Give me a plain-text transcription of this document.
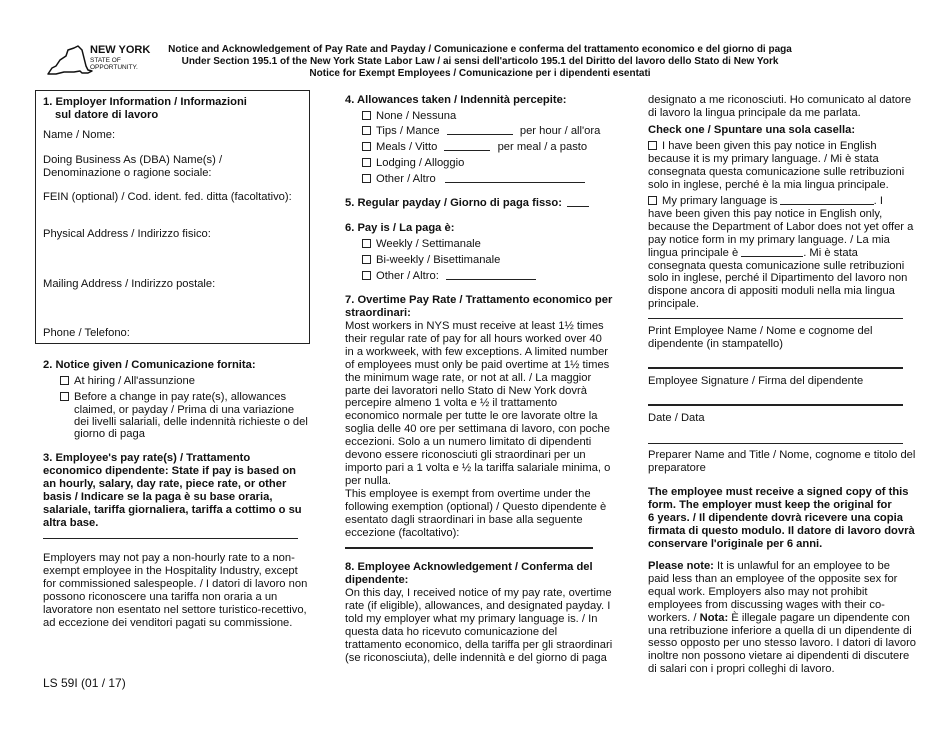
NEW YORK
STATE OF
OPPORTUNITY.
Notice and Acknowledgement of Pay Rate and Payday / Comunicazione e conferma del trattamento economico e del giorno di paga
Under Section 195.1 of the New York State Labor Law / ai sensi dell'articolo 195.1 del Diritto del lavoro dello Stato di New York
Notice for Exempt Employees / Comunicazione per i dipendenti esentati
1. Employer Information / Informazioni
sul datore di lavoro
Name / Nome:
Doing Business As (DBA) Name(s) /
Denominazione o ragione sociale:
FEIN (optional) / Cod. ident. fed. ditta (facoltativo):
Physical Address / Indirizzo fisico:
Mailing Address / Indirizzo postale:
Phone / Telefono:
2. Notice given / Comunicazione fornita:
At hiring / All'assunzione
Before a change in pay rate(s), allowances
claimed, or payday / Prima di una variazione
dei livelli salariali, delle indennità richieste o del
giorno di paga
3. Employee's pay rate(s) / Trattamento
economico dipendente: State if pay is based on
an hourly, salary, day rate, piece rate, or other
basis / Indicare se la paga è su base oraria,
salariale, tariffa giornaliera, tariffa a cottimo o su
altra base.
Employers may not pay a non-hourly rate to a non-
exempt employee in the Hospitality Industry, except
for commissioned salespeople. / I datori di lavoro non
possono riconoscere una tariffa non oraria a un
lavoratore non esentato nel settore turistico-recettivo,
ad eccezione dei venditori pagati su commissione.
LS 59I (01 / 17)
4. Allowances taken / Indennità percepite:
None / Nessuna
Tips / Mance	per hour / all'ora
Meals / Vitto	per meal / a pasto
Lodging / Alloggio
Other / Altro
5. Regular payday / Giorno di paga fisso:
6. Pay is / La paga è:
Weekly / Settimanale
Bi-weekly / Bisettimanale
Other / Altro:
7. Overtime Pay Rate / Trattamento economico per
straordinari:
Most workers in NYS must receive at least 1½ times
their regular rate of pay for all hours worked over 40
in a workweek, with few exceptions. A limited number
of employees must only be paid overtime at 1½ times
the minimum wage rate, or not at all. / La maggior
parte dei lavoratori nello Stato di New York dovrà
percepire almeno 1 volta e ½ il trattamento
economico normale per tutte le ore lavorate oltre la
soglia delle 40 ore per settimana di lavoro, con poche
eccezioni. Solo a un numero limitato di dipendenti
devono essere riconosciuti gli straordinari per un
importo pari a 1 volta e ½ la tariffa salariale minima, o
per nulla.
This employee is exempt from overtime under the
following exemption (optional) / Questo dipendente è
esentato dagli straordinari in base alla seguente
eccezione (facoltativo):
8. Employee Acknowledgement / Conferma del
dipendente:
On this day, I received notice of my pay rate, overtime
rate (if eligible), allowances, and designated payday. I
told my employer what my primary language is. / In
questa data ho ricevuto comunicazione del
trattamento economico, della tariffa per gli straordinari
(se riconosciuta), delle indennità e del giorno di paga
designato a me riconosciuti. Ho comunicato al datore
di lavoro la lingua principale da me parlata.
Check one / Spuntare una sola casella:
I have been given this pay notice in English
because it is my primary language. / Mi è stata
consegnata questa comunicazione sulle retribuzioni
solo in inglese, perché è la mia lingua principale.
My primary language is	. I
have been given this pay notice in English only,
because the Department of Labor does not yet offer a
pay notice form in my primary language. / La mia
lingua principale è	. Mi è stata
consegnata questa comunicazione sulle retribuzioni
solo in inglese, perché il Dipartimento del lavoro non
dispone ancora di appositi moduli nella mia lingua
principale.
Print Employee Name / Nome e cognome del
dipendente (in stampatello)
Employee Signature / Firma del dipendente
Date / Data
Preparer Name and Title / Nome, cognome e titolo del
preparatore
The employee must receive a signed copy of this
form. The employer must keep the original for
6 years. / Il dipendente dovrà ricevere una copia
firmata di questo modulo. Il datore di lavoro dovrà
conservare l'originale per 6 anni.
Please note: It is unlawful for an employee to be
paid less than an employee of the opposite sex for
equal work. Employers also may not prohibit
employees from discussing wages with their co-
workers. / Nota: È illegale pagare un dipendente con
una retribuzione inferiore a quella di un dipendente di
sesso opposto per uno stesso lavoro. I datori di lavoro
inoltre non possono vietare ai dipendenti di discutere
di salari con i propri colleghi di lavoro.
